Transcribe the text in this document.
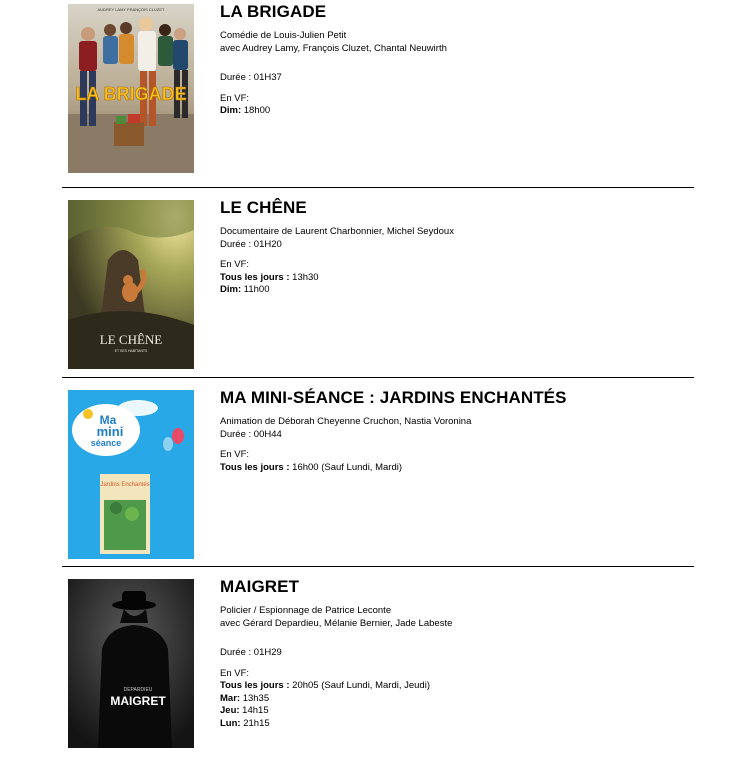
AUDREY LAMY FRANÇOIS CLUZET
LA BRIGADE
LA BRIGADE
Comédie de Louis-Julien Petit
avec Audrey Lamy, François Cluzet, Chantal Neuwirth
Durée : 01H37
En VF:
Dim: 18h00
LE CHÊNE
ET SES HABITANTS
LE CHÊNE
Documentaire de Laurent Charbonnier, Michel Seydoux
Durée : 01H20
En VF:
Tous les jours : 13h30
Dim: 11h00
Ma
mini
séance
Jardins Enchantés
MA MINI-SÉANCE : JARDINS ENCHANTÉS
Animation de Déborah Cheyenne Cruchon, Nastia Voronina
Durée : 00H44
En VF:
Tous les jours : 16h00 (Sauf Lundi, Mardi)
DEPARDIEU
MAIGRET
MAIGRET
Policier / Espionnage de Patrice Leconte
avec Gérard Depardieu, Mélanie Bernier, Jade Labeste
Durée : 01H29
En VF:
Tous les jours : 20h05 (Sauf Lundi, Mardi, Jeudi)
Mar: 13h35
Jeu: 14h15
Lun: 21h15
